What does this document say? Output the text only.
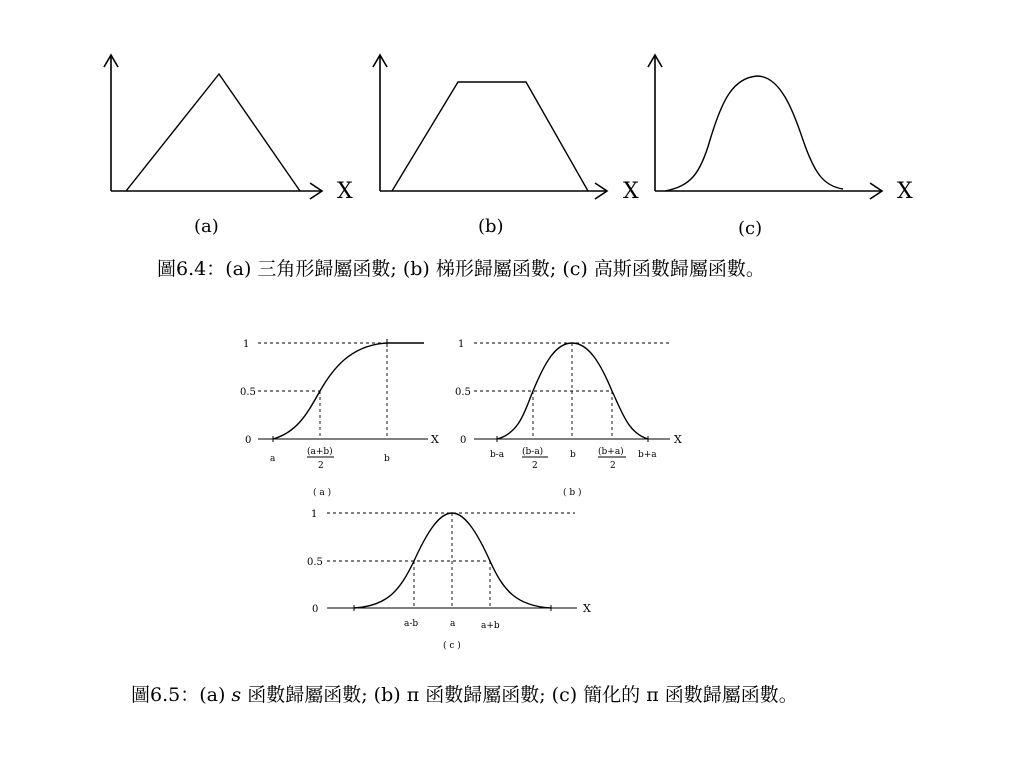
X
(a)
X
(b)
X
(c)
圖6.4：(a) 三角形歸屬函數; (b) 梯形歸屬函數; (c) 高斯函數歸屬函數。
1
0.5
0	X
a
(a+b)
2
b
( a )
1
0.5
0	X
b-a (b-a)
2
b (b+a)
2
b+a
( b )
1
0.5
0	X
a-b	a	a+b
( c )
圖6.5：(a) s 函數歸屬函數; (b) π 函數歸屬函數; (c) 簡化的 π 函數歸屬函數。
